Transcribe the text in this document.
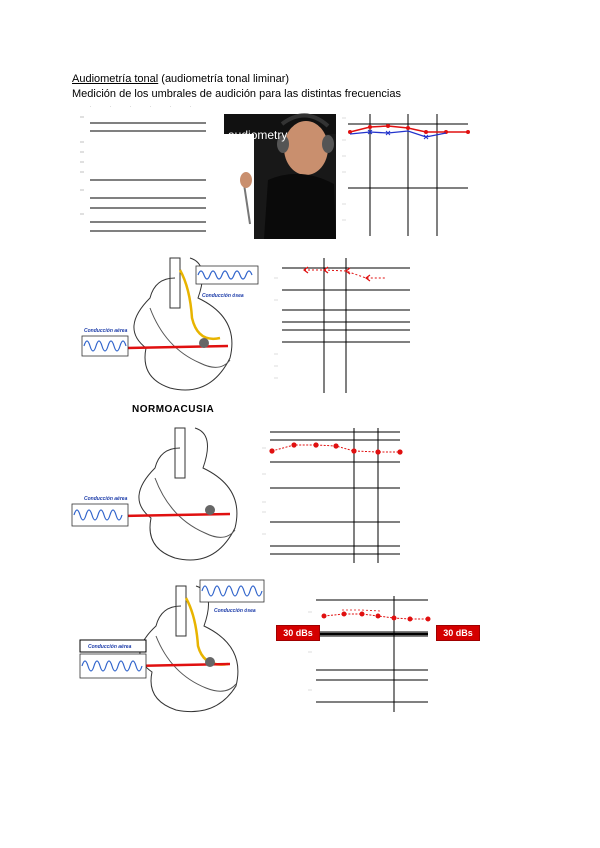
Audiometría tonal (audiometría tonal liminar)
Medición de los umbrales de audición para las distintas frecuencias
·	·	·	·	·	·
audiometry
Conducción ósea
Conducción aérea
NORMOACUSIA
Conducción aérea
Conducción ósea
Conducción aérea
30 dBs	30 dBs
